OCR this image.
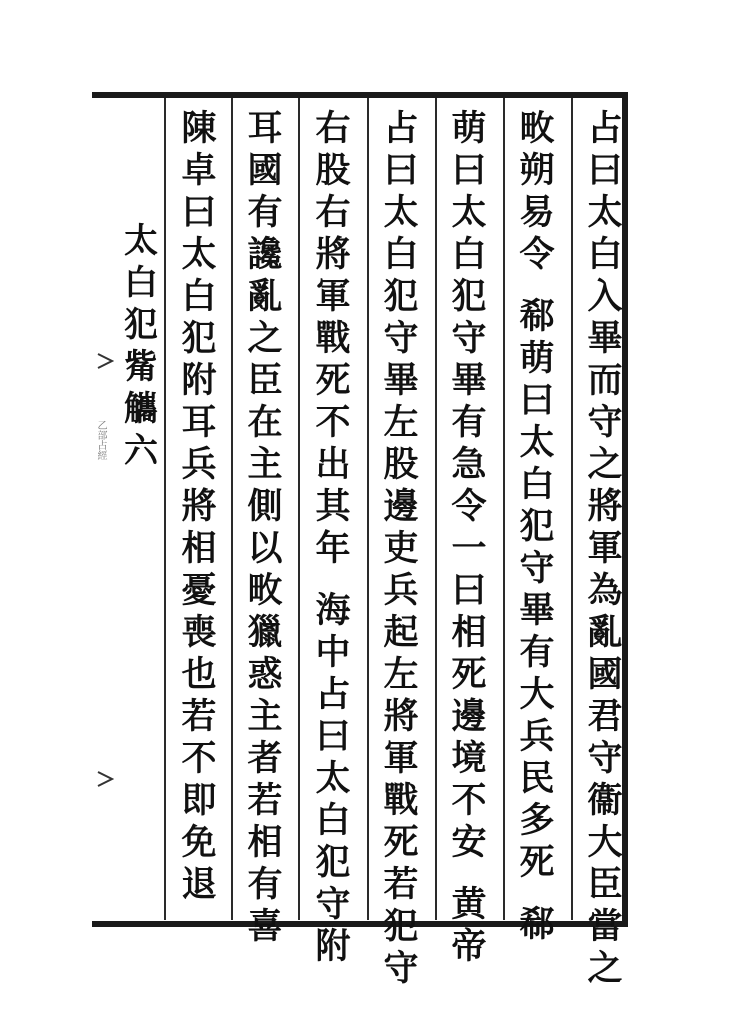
乙部占經
太
白
犯
觜
觿
六
占
曰
太
白
入
畢
而
守
之
將
軍
為
亂
國
君
守
衞
大
臣
當
之
畋
朔
易
令
郗
萌
曰
太
白
犯
守
畢
有
大
兵
民
多
死
郗
萌
曰
太
白
犯
守
畢
有
急
令
一
曰
相
死
邊
境
不
安
黄
帝
占
曰
太
白
犯
守
畢
左
股
邊
吏
兵
起
左
將
軍
戰
死
若
犯
守
右
股
右
將
軍
戰
死
不
出
其
年
海
中
占
曰
太
白
犯
守
附
耳
國
有
讒
亂
之
臣
在
主
側
以
畋
獵
惑
主
者
若
相
有
喜
陳
卓
曰
太
白
犯
附
耳
兵
將
相
憂
喪
也
若
不
即
免
退
